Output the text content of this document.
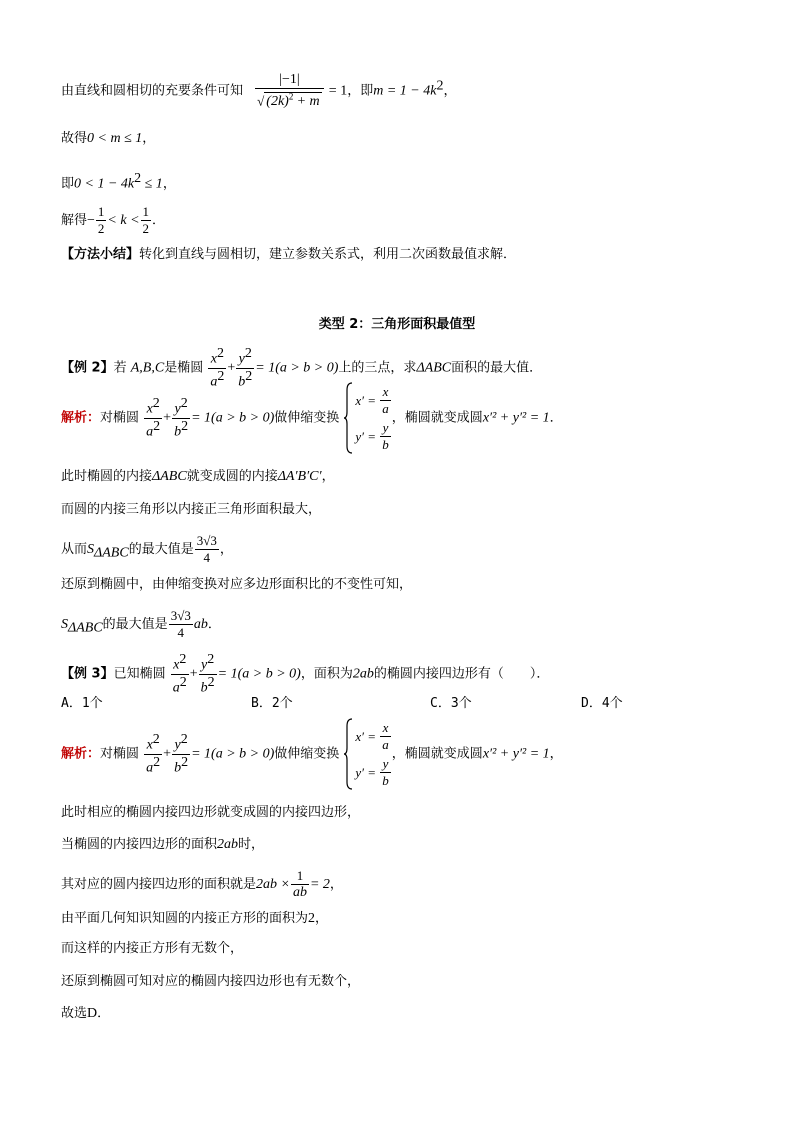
由直线和圆相切的充要条件可知 $\frac{|-1|}{√ (2k)^2 + m} = 1$，即$m = 1 - 4k^2$，
故得0 < m ≤ 1，
即$0 < 1 - 4k^2 \le 1$，
解得− $\frac{1}{2} < k < \frac{1}{2}$ ．
【方法小结】转化到直线与圆相切，建立参数关系式，利用二次函数最值求解．
类型 2：三角形面积最值型
【例 2】若 A,B,C是椭圆 $\frac{x^2}{a^2} + \frac{y^2}{b^2} = 1(a > b > 0)$上的三点，求ΔABC面积的最大值．
解析：对椭圆 $\frac{x^2}{a^2} + \frac{y^2}{b^2} = 1(a > b > 0)$做伸缩变换
x′ =
$\frac{x}{a}$
y′ =
$\frac{y}{b}$
，椭圆就变成圆x′² + y′² = 1．
此时椭圆的内接ΔABC就变成圆的内接ΔA′B′C′，
而圆的内接三角形以内接正三角形面积最大，
从而$S_{\Delta ABC}$的最大值是 $\frac{3√3}{4}$ ，
还原到椭圆中，由伸缩变换对应多边形面积比的不变性可知，
$S_{\Delta ABC}$的最大值是 $\frac{3√3}{4}$ ab．
【例 3】已知椭圆 $\frac{x^2}{a^2} + \frac{y^2}{b^2} = 1(a > b > 0)$，面积为2ab的椭圆内接四边形有（　　）．
A．1个	B．2个	C．3个	D．4个
解析：对椭圆 $\frac{x^2}{a^2} + \frac{y^2}{b^2} = 1(a > b > 0)$做伸缩变换
x′ =
$\frac{x}{a}$
y′ =
$\frac{y}{b}$
，椭圆就变成圆x′² + y′² = 1，
此时相应的椭圆内接四边形就变成圆的内接四边形，
当椭圆的内接四边形的面积2ab时，
其对应的圆内接四边形的面积就是$2ab \times \frac{1}{ab} = 2$，
由平面几何知识知圆的内接正方形的面积为2，
而这样的内接正方形有无数个，
还原到椭圆可知对应的椭圆内接四边形也有无数个，
故选D．
